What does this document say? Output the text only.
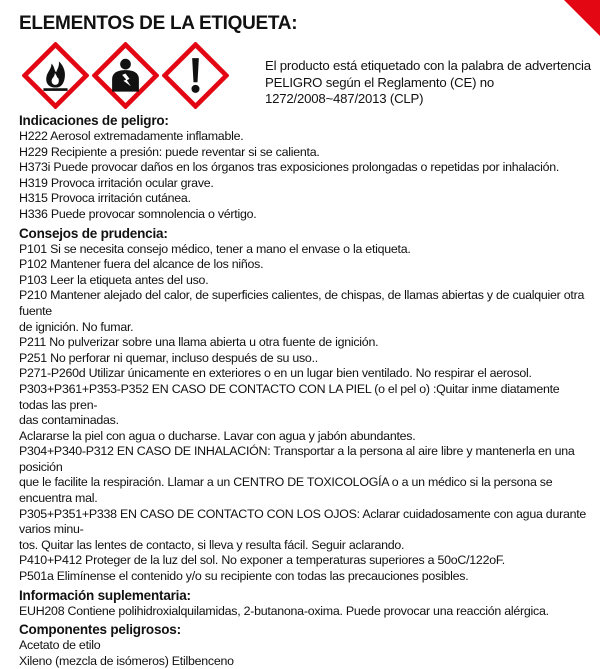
ELEMENTOS DE LA ETIQUETA:

El producto está etiquetado con la palabra de advertencia PELIGRO según el Reglamento (CE) no 1272/2008~487/2013 (CLP)

Indicaciones de peligro:
H222 Aerosol extremadamente inflamable.
H229 Recipiente a presión: puede reventar si se calienta.
H373i Puede provocar daños en los órganos tras exposiciones prolongadas o repetidas por inhalación.
H319 Provoca irritación ocular grave.
H315 Provoca irritación cutánea.
H336 Puede provocar somnolencia o vértigo.
Consejos de prudencia:
P101 Si se necesita consejo médico, tener a mano el envase o la etiqueta.
P102 Mantener fuera del alcance de los niños.
P103 Leer la etiqueta antes del uso.
P210 Mantener alejado del calor, de superficies calientes, de chispas, de llamas abiertas y de cualquier otra fuente
de ignición. No fumar.
P211 No pulverizar sobre una llama abierta u otra fuente de ignición.
P251 No perforar ni quemar, incluso después de su uso..
P271-P260d Utilizar únicamente en exteriores o en un lugar bien ventilado. No respirar el aerosol.
P303+P361+P353-P352 EN CASO DE CONTACTO CON LA PIEL (o el pel o) :Quitar inme diatamente todas las pren-
das contaminadas.
Aclararse la piel con agua o ducharse. Lavar con agua y jabón abundantes.
P304+P340-P312 EN CASO DE INHALACIÓN: Transportar a la persona al aire libre y mantenerla en una posición
que le facilite la respiración. Llamar a un CENTRO DE TOXICOLOGÍA o a un médico si la persona se encuentra mal.
P305+P351+P338 EN CASO DE CONTACTO CON LOS OJOS: Aclarar cuidadosamente con agua durante varios minu-
tos. Quitar las lentes de contacto, si lleva y resulta fácil. Seguir aclarando.
P410+P412 Proteger de la luz del sol. No exponer a temperaturas superiores a 50oC/122oF.
P501a Elimínense el contenido y/o su recipiente con todas las precauciones posibles.
Información suplementaria:
EUH208 Contiene polihidroxialquilamidas, 2-butanona-oxima. Puede provocar una reacción alérgica.
Componentes peligrosos:
Acetato de etilo
Xileno (mezcla de isómeros) Etilbenceno
